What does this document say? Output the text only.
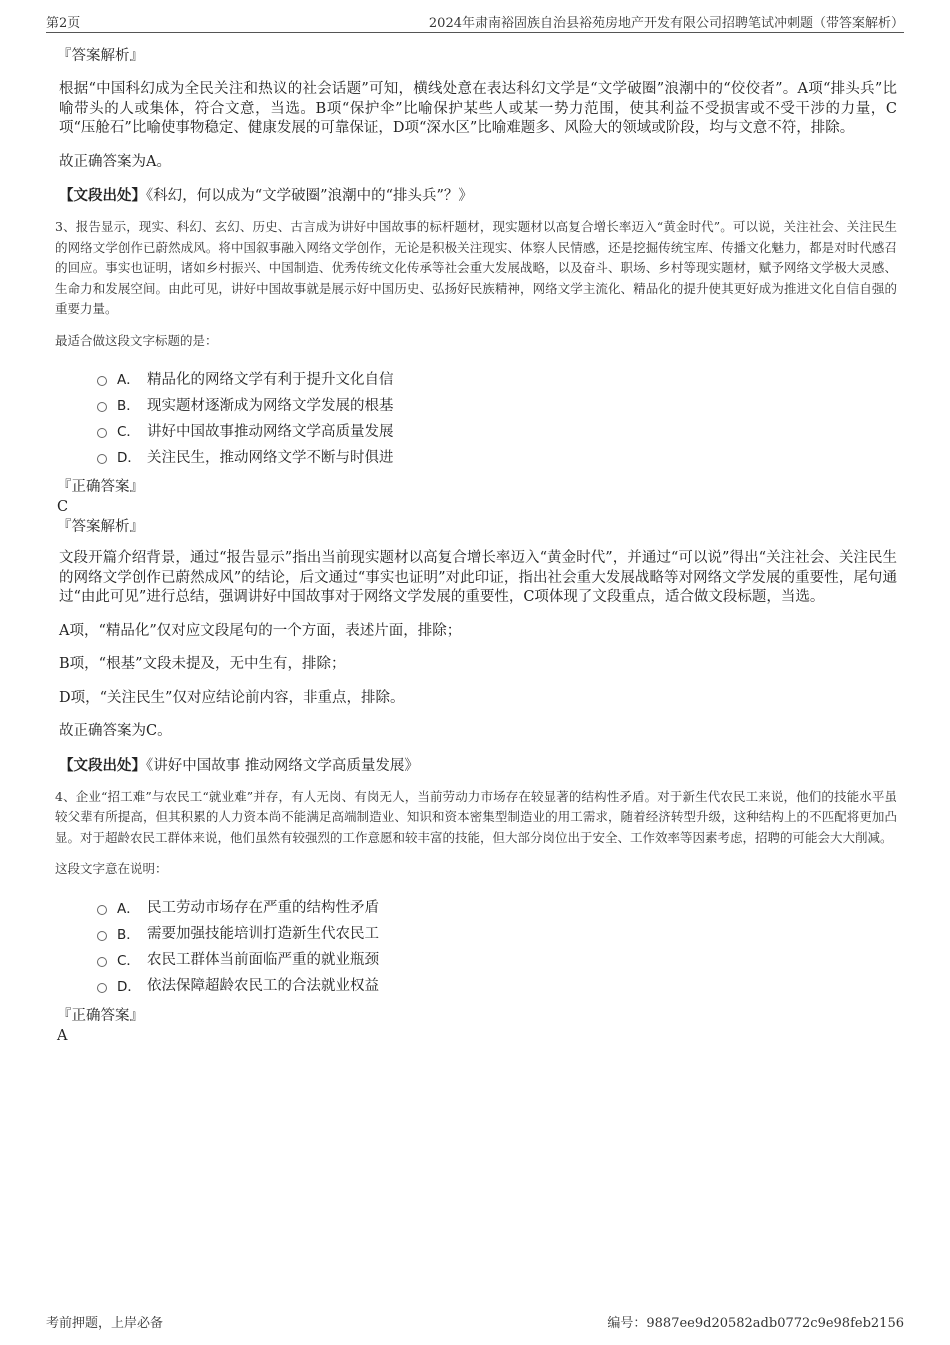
第2页	2024年肃南裕固族自治县裕苑房地产开发有限公司招聘笔试冲刺题（带答案解析）
『答案解析』
根据“中国科幻成为全民关注和热议的社会话题”可知，横线处意在表达科幻文学是“文学破圈”浪潮中的“佼佼者”。A项“排头兵”比喻带头的人或集体，符合文意，当选。B项“保护伞”比喻保护某些人或某一势力范围，使其利益不受损害或不受干涉的力量，C项“压舱石”比喻使事物稳定、健康发展的可靠保证，D项“深水区”比喻难题多、风险大的领域或阶段，均与文意不符，排除。
故正确答案为A。
【文段出处】《科幻，何以成为“文学破圈”浪潮中的“排头兵”？》
3、报告显示，现实、科幻、玄幻、历史、古言成为讲好中国故事的标杆题材，现实题材以高复合增长率迈入“黄金时代”。可以说，关注社会、关注民生的网络文学创作已蔚然成风。将中国叙事融入网络文学创作，无论是积极关注现实、体察人民情感，还是挖掘传统宝库、传播文化魅力，都是对时代感召的回应。事实也证明，诸如乡村振兴、中国制造、优秀传统文化传承等社会重大发展战略，以及奋斗、职场、乡村等现实题材，赋予网络文学极大灵感、生命力和发展空间。由此可见，讲好中国故事就是展示好中国历史、弘扬好民族精神，网络文学主流化、精品化的提升使其更好成为推进文化自信自强的重要力量。
最适合做这段文字标题的是：
A． 精品化的网络文学有利于提升文化自信
B． 现实题材逐渐成为网络文学发展的根基
C． 讲好中国故事推动网络文学高质量发展
D． 关注民生，推动网络文学不断与时俱进
『正确答案』
C
『答案解析』
文段开篇介绍背景，通过“报告显示”指出当前现实题材以高复合增长率迈入“黄金时代”，并通过“可以说”得出“关注社会、关注民生的网络文学创作已蔚然成风”的结论，后文通过“事实也证明”对此印证，指出社会重大发展战略等对网络文学发展的重要性，尾句通过“由此可见”进行总结，强调讲好中国故事对于网络文学发展的重要性，C项体现了文段重点，适合做文段标题，当选。
A项，“精品化”仅对应文段尾句的一个方面，表述片面，排除；
B项，“根基”文段未提及，无中生有，排除；
D项，“关注民生”仅对应结论前内容，非重点，排除。
故正确答案为C。
【文段出处】《讲好中国故事 推动网络文学高质量发展》
4、企业“招工难”与农民工“就业难”并存，有人无岗、有岗无人，当前劳动力市场存在较显著的结构性矛盾。对于新生代农民工来说，他们的技能水平虽较父辈有所提高，但其积累的人力资本尚不能满足高端制造业、知识和资本密集型制造业的用工需求，随着经济转型升级，这种结构上的不匹配将更加凸显。对于超龄农民工群体来说，他们虽然有较强烈的工作意愿和较丰富的技能，但大部分岗位出于安全、工作效率等因素考虑，招聘的可能会大大削减。
这段文字意在说明：
A． 民工劳动市场存在严重的结构性矛盾
B． 需要加强技能培训打造新生代农民工
C． 农民工群体当前面临严重的就业瓶颈
D． 依法保障超龄农民工的合法就业权益
『正确答案』
A
考前押题，上岸必备	编号：9887ee9d20582adb0772c9e98feb2156
